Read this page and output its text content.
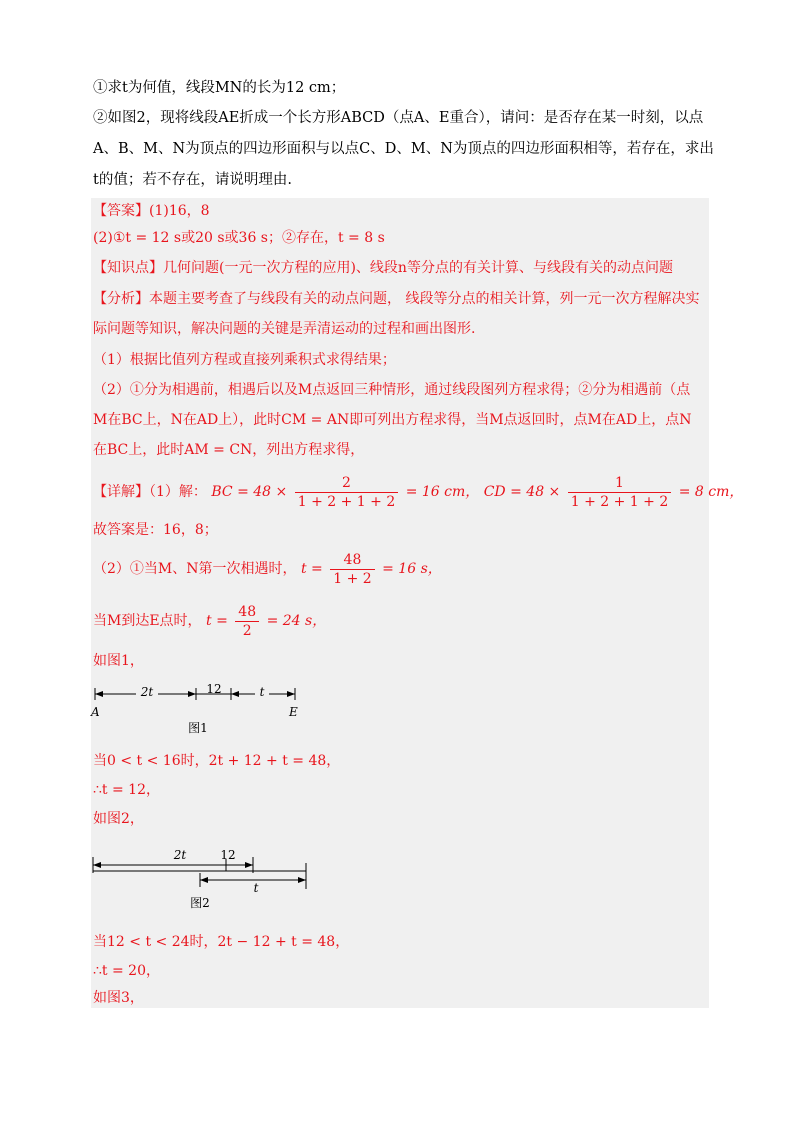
①求t为何值，线段MN的长为12 cm；
②如图2，现将线段AE折成一个长方形ABCD（点A、E重合），请问：是否存在某一时刻，以点
A、B、M、N为顶点的四边形面积与以点C、D、M、N为顶点的四边形面积相等，若存在，求出
t的值；若不存在，请说明理由.
【答案】(1)16，8
(2)①t = 12 s或20 s或36 s；②存在，t = 8 s
【知识点】几何问题(一元一次方程的应用)、线段n等分点的有关计算、与线段有关的动点问题
【分析】本题主要考查了与线段有关的动点问题， 线段等分点的相关计算，列一元一次方程解决实
际问题等知识，解决问题的关键是弄清运动的过程和画出图形.
（1）根据比值列方程或直接列乘积式求得结果；
（2）①分为相遇前，相遇后以及M点返回三种情形，通过线段图列方程求得；②分为相遇前（点
M在BC上，N在AD上），此时CM = AN即可列出方程求得，当M点返回时，点M在AD上，点N
在BC上，此时AM = CN，列出方程求得，
【详解】（1）解： BC = $48 \times \frac{2}{1 + 2 + 1 + 2} = 16$ cm， CD = $48 \times \frac{1}{1 + 2 + 1 + 2} = 8$ cm，
故答案是：16，8；
（2）①当M、N第一次相遇时， $t = \frac{48}{1 + 2} = 16$ s，
当M到达E点时， $t = \frac{48}{2} = 24$ s，
如图1，
2t	12	t
A	E
图1
当0 < t < 16时，2t + 12 + t = 48，
∴t = 12，
如图2，
2t	12
t
图2
当12 < t < 24时，2t − 12 + t = 48，
∴t = 20，
如图3，
